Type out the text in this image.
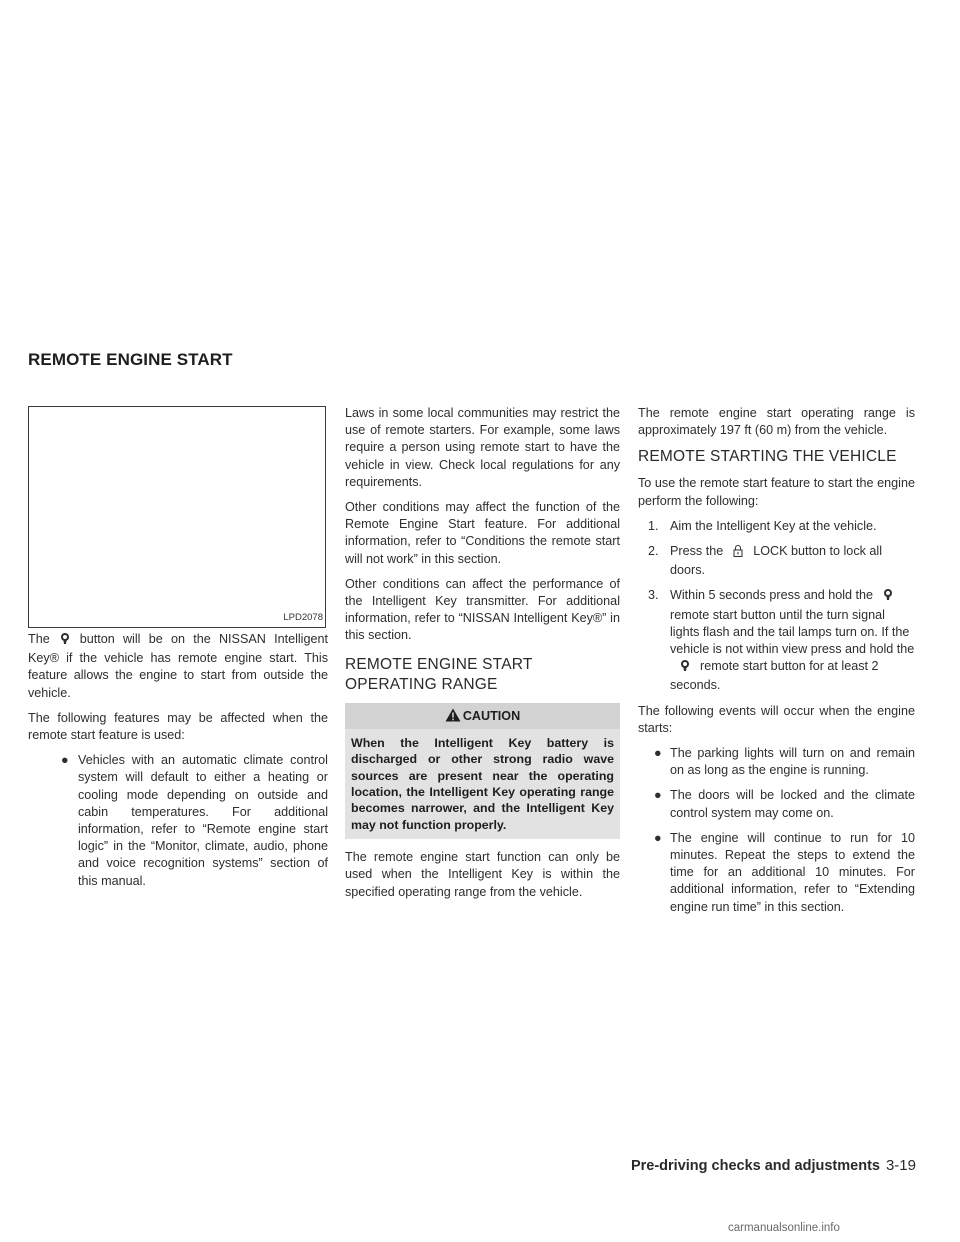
REMOTE ENGINE START
LPD2078

The button will be on the NISSAN Intelligent Key® if the vehicle has remote engine start. This feature allows the engine to start from outside the vehicle.

The following features may be affected when the remote start feature is used:

● Vehicles with an automatic climate control system will default to either a heating or cooling mode depending on outside and cabin temperatures. For additional information, refer to “Remote engine start logic” in the “Monitor, climate, audio, phone and voice recognition systems” section of this manual.

Laws in some local communities may restrict the use of remote starters. For example, some laws require a person using remote start to have the vehicle in view. Check local regulations for any requirements.

Other conditions may affect the function of the Remote Engine Start feature. For additional information, refer to “Conditions the remote start will not work” in this section.

Other conditions can affect the performance of the Intelligent Key transmitter. For additional information, refer to “NISSAN Intelligent Key®” in this section.

REMOTE ENGINE START
OPERATING RANGE
CAUTION
When the Intelligent Key battery is discharged or other strong radio wave sources are present near the operating location, the Intelligent Key operating range becomes narrower, and the Intelligent Key may not function properly.

The remote engine start function can only be used when the Intelligent Key is within the specified operating range from the vehicle.

The remote engine start operating range is approximately 197 ft (60 m) from the vehicle.

REMOTE STARTING THE VEHICLE

To use the remote start feature to start the engine perform the following:

1. Aim the Intelligent Key at the vehicle.
2. Press the LOCK button to lock all doors.
3. Within 5 seconds press and hold theremote start button until the turn signal lights flash and the tail lamps turn on. If the vehicle is not within view press and hold theremote start button for at least 2 seconds.

The following events will occur when the engine starts:

● The parking lights will turn on and remain on as long as the engine is running.
● The doors will be locked and the climate control system may come on.
● The engine will continue to run for 10 minutes. Repeat the steps to extend the time for an additional 10 minutes. For additional information, refer to “Extending engine run time” in this section.
Pre-driving checks and adjustments 3-19
carmanualsonline.info
